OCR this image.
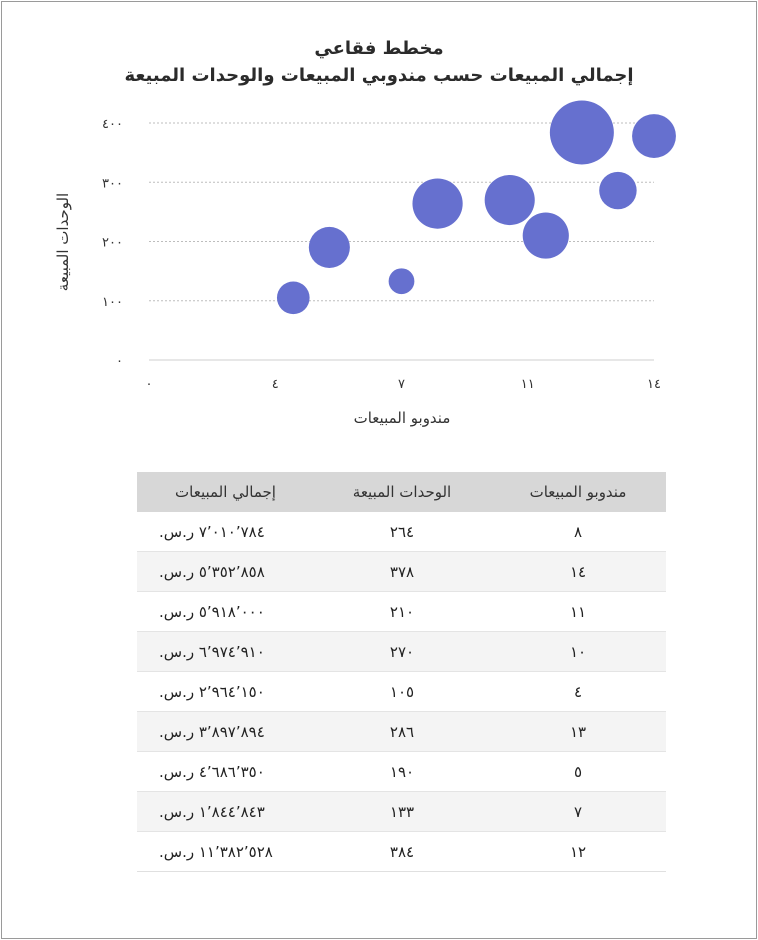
مخطط فقاعي
إجمالي المبيعات حسب مندوبي المبيعات والوحدات المبيعة
٠
١٠٠
٢٠٠
٣٠٠
٤٠٠
٠	٤	٧	١١	١٤
مندوبو المبيعات
الوحدات المبيعة
مندوبو المبيعات	الوحدات المبيعة	إجمالي المبيعات
٨	٢٦٤	٧٬٠١٠٬٧٨٤ ر.س.
١٤	٣٧٨	٥٬٣٥٢٬٨٥٨ ر.س.
١١	٢١٠	٥٬٩١٨٬٠٠٠ ر.س.
١٠	٢٧٠	٦٬٩٧٤٬٩١٠ ر.س.
٤	١٠٥	٢٬٩٦٤٬١٥٠ ر.س.
١٣	٢٨٦	٣٬٨٩٧٬٨٩٤ ر.س.
٥	١٩٠	٤٬٦٨٦٬٣٥٠ ر.س.
٧	١٣٣	١٬٨٤٤٬٨٤٣ ر.س.
١٢	٣٨٤	١١٬٣٨٢٬٥٢٨ ر.س.
